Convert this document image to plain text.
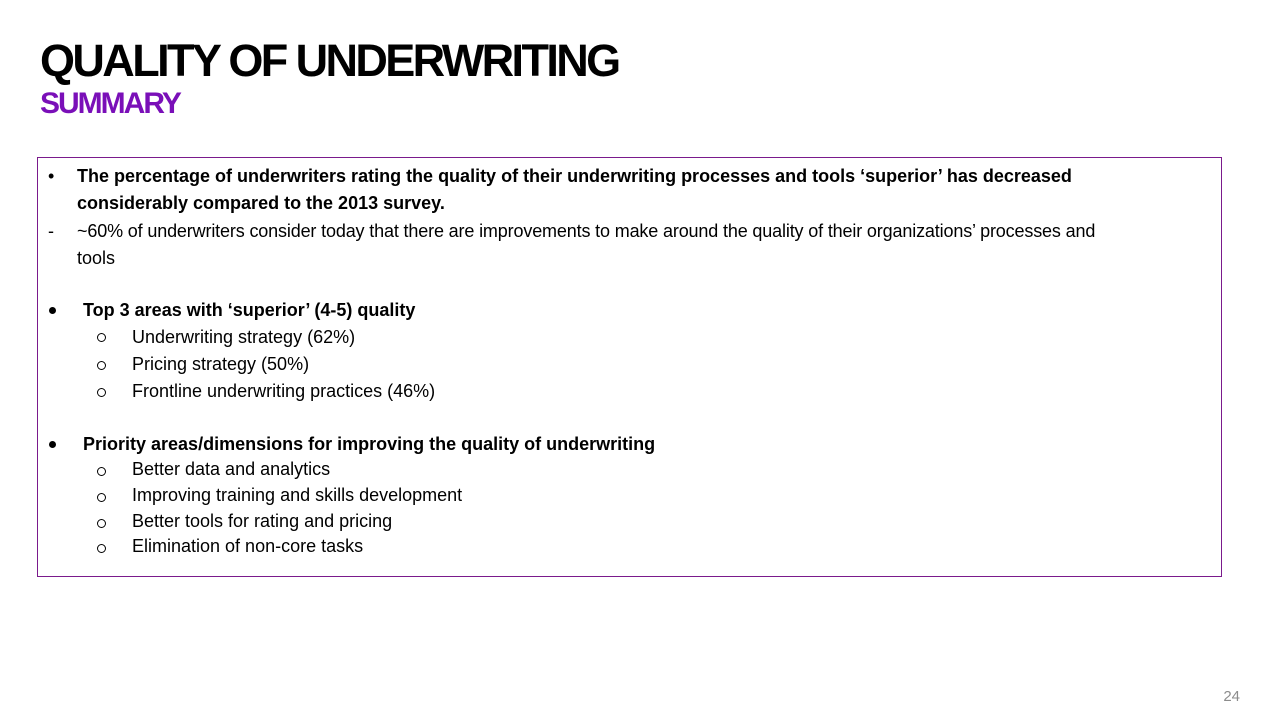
QUALITY OF UNDERWRITING
SUMMARY
• The percentage of underwriters rating the quality of their underwriting processes and tools ‘superior’ has decreased
considerably compared to the 2013 survey.
- ~60% of underwriters consider today that there are improvements to make around the quality of their organizations’ processes and
tools
Top 3 areas with ‘superior’ (4-5) quality
Underwriting strategy (62%)
Pricing strategy (50%)
Frontline underwriting practices (46%)
Priority areas/dimensions for improving the quality of underwriting
Better data and analytics
Improving training and skills development
Better tools for rating and pricing
Elimination of non-core tasks
24
